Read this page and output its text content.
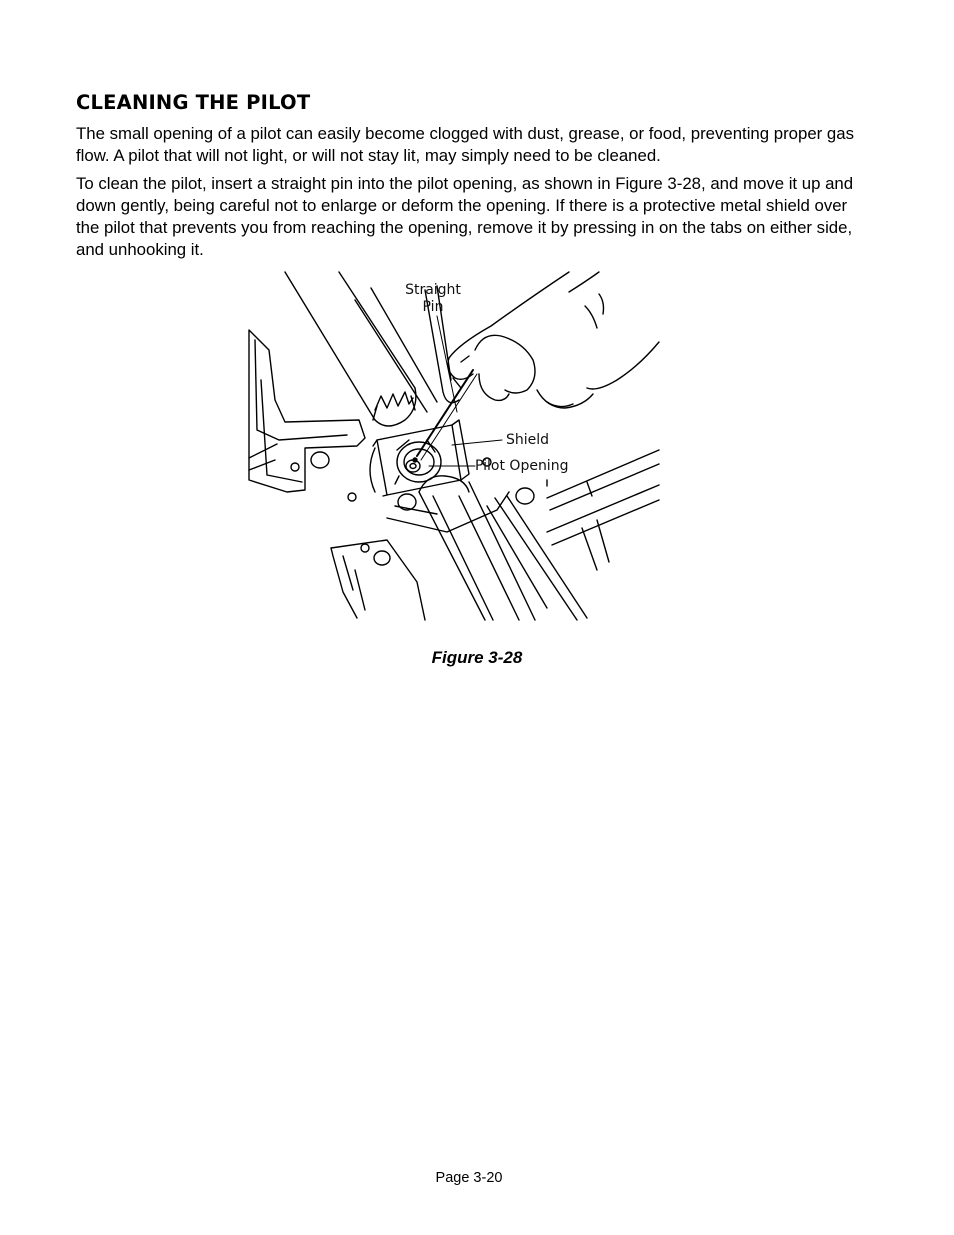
CLEANING THE PILOT

The small opening of a pilot can easily become clogged with dust, grease, or food, preventing proper gas flow. A pilot that will not light, or will not stay lit, may simply need to be cleaned.

To clean the pilot, insert a straight pin into the pilot opening, as shown in Figure 3-28, and move it up and down gently, being careful not to enlarge or deform the opening. If there is a protective metal shield over the pilot that prevents you from reaching the opening, remove it by pressing in on the tabs on either side, and unhooking it.

Straight
Pin
Shield
Pilot Opening
Figure 3-28
Page 3-20
